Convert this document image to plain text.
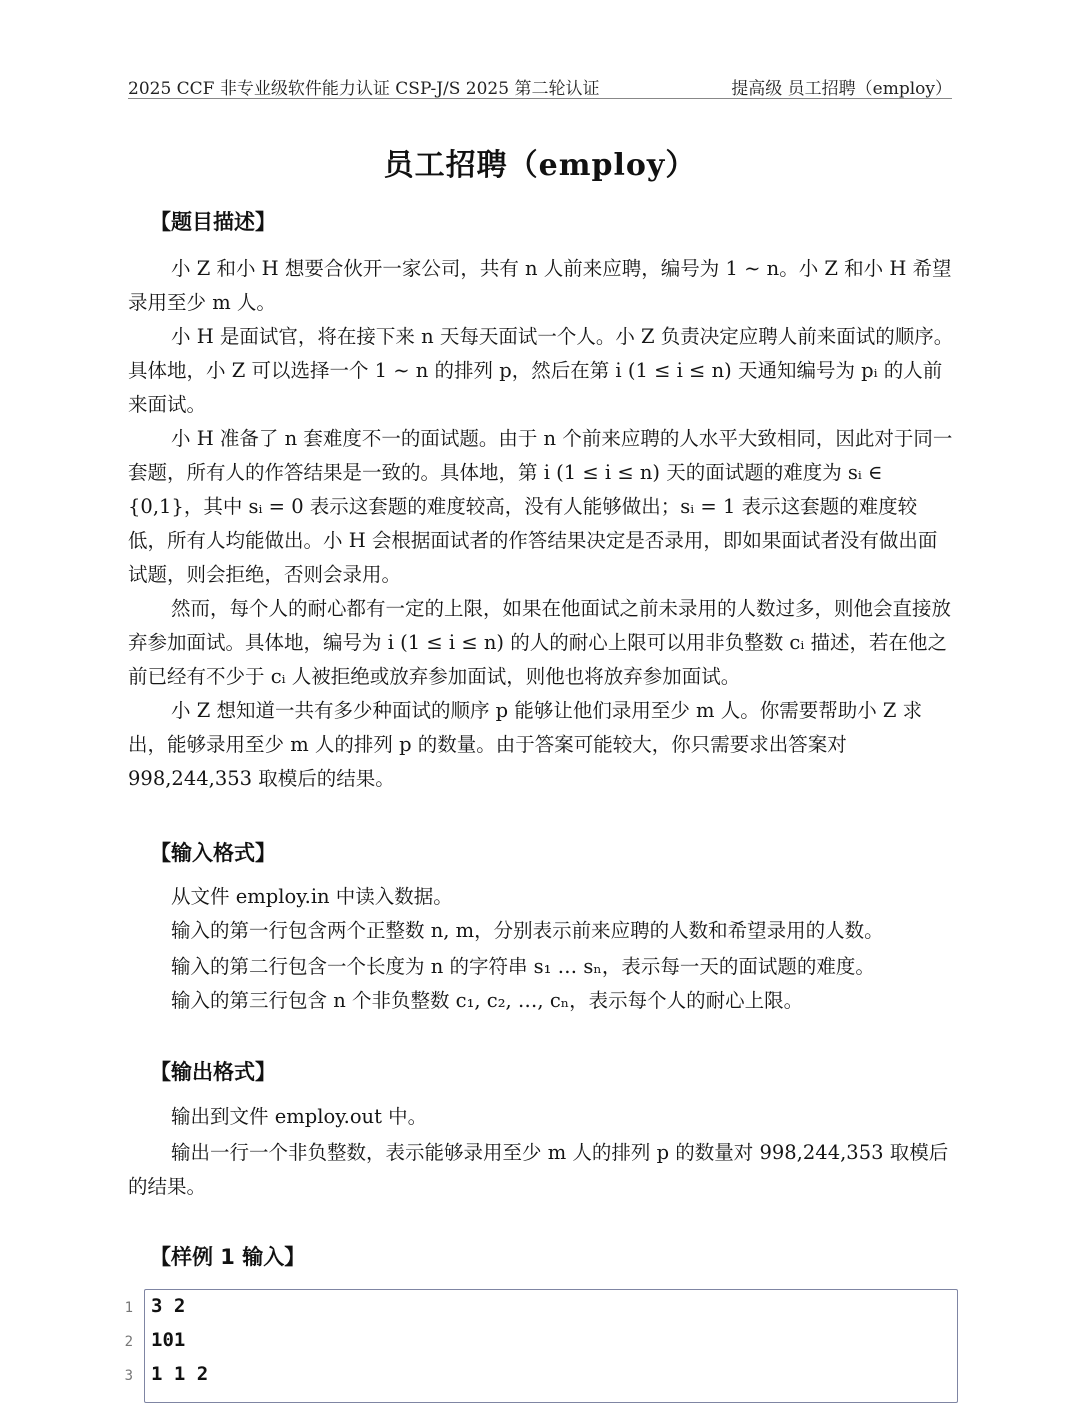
2025 CCF 非专业级软件能力认证 CSP-J/S 2025 第二轮认证	提高级 员工招聘（employ）
员工招聘（employ）
【题目描述】

小 Z 和小 H 想要合伙开一家公司，共有 n 人前来应聘，编号为 1 ∼ n。小 Z 和小 H 希望录用至少 m 人。

小 H 是面试官，将在接下来 n 天每天面试一个人。小 Z 负责决定应聘人前来面试的顺序。具体地，小 Z 可以选择一个 1 ∼ n 的排列 p，然后在第 i (1 ≤ i ≤ n) 天通知编号为 pᵢ 的人前来面试。

小 H 准备了 n 套难度不一的面试题。由于 n 个前来应聘的人水平大致相同，因此对于同一套题，所有人的作答结果是一致的。具体地，第 i (1 ≤ i ≤ n) 天的面试题的难度为 sᵢ ∈ {0,1}，其中 sᵢ = 0 表示这套题的难度较高，没有人能够做出；sᵢ = 1 表示这套题的难度较低，所有人均能做出。小 H 会根据面试者的作答结果决定是否录用，即如果面试者没有做出面试题，则会拒绝，否则会录用。

然而，每个人的耐心都有一定的上限，如果在他面试之前未录用的人数过多，则他会直接放弃参加面试。具体地，编号为 i (1 ≤ i ≤ n) 的人的耐心上限可以用非负整数 cᵢ 描述，若在他之前已经有不少于 cᵢ 人被拒绝或放弃参加面试，则他也将放弃参加面试。

小 Z 想知道一共有多少种面试的顺序 p 能够让他们录用至少 m 人。你需要帮助小 Z 求出，能够录用至少 m 人的排列 p 的数量。由于答案可能较大，你只需要求出答案对 998,244,353 取模后的结果。

【输入格式】
从文件 employ.in 中读入数据。
输入的第一行包含两个正整数 n, m，分别表示前来应聘的人数和希望录用的人数。
输入的第二行包含一个长度为 n 的字符串 s₁ … sₙ，表示每一天的面试题的难度。
输入的第三行包含 n 个非负整数 c₁, c₂, …, cₙ，表示每个人的耐心上限。
【输出格式】
输出到文件 employ.out 中。

输出一行一个非负整数，表示能够录用至少 m 人的排列 p 的数量对 998,244,353 取模后的结果。

【样例 1 输入】
1 3 2
2 101
3 1 1 2
